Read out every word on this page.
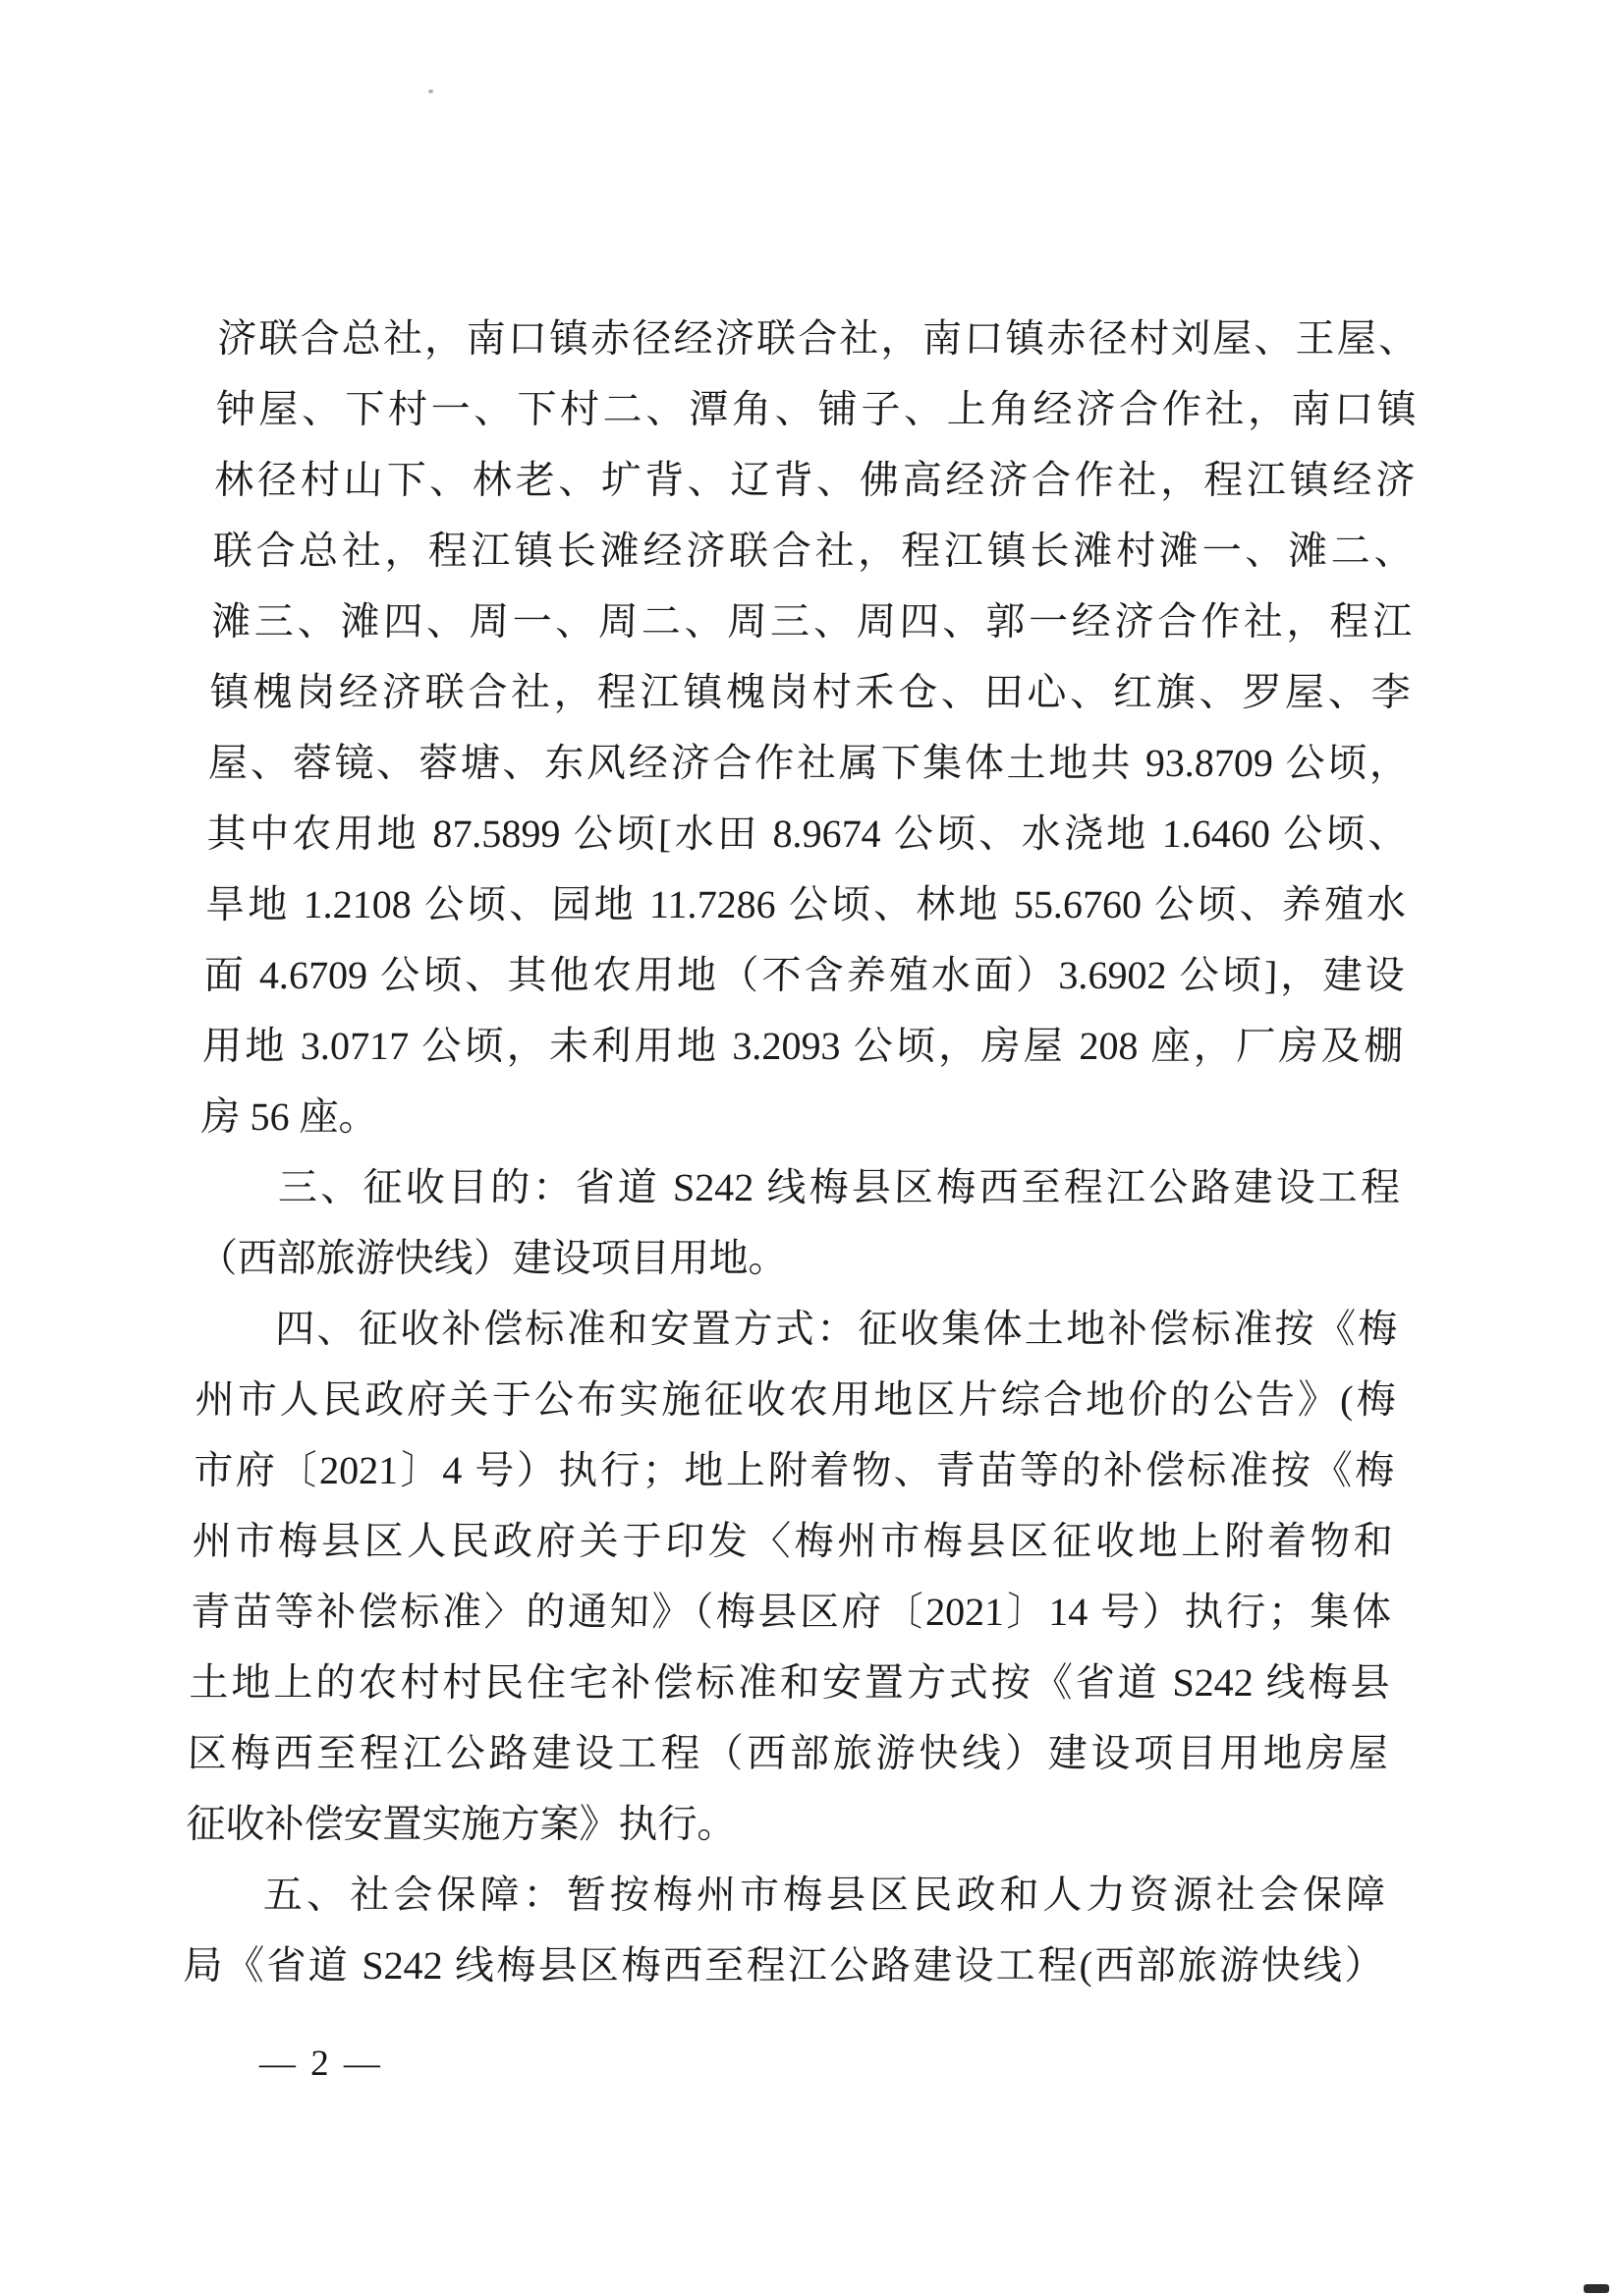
济联合总社，南口镇赤径经济联合社，南口镇赤径村刘屋、王屋、
钟屋、下村一、下村二、潭角、铺子、上角经济合作社，南口镇
林径村山下、林老、圹背、辽背、佛高经济合作社，程江镇经济
联合总社，程江镇长滩经济联合社，程江镇长滩村滩一、滩二、
滩三、滩四、周一、周二、周三、周四、郭一经济合作社，程江
镇槐岗经济联合社，程江镇槐岗村禾仓、田心、红旗、罗屋、李
屋、蓉镜、蓉塘、东风经济合作社属下集体土地共 93.8709 公顷，
其中农用地 87.5899 公顷[水田 8.9674 公顷、水浇地 1.6460 公顷、
旱地 1.2108 公顷、园地 11.7286 公顷、林地 55.6760 公顷、养殖水
面 4.6709 公顷、其他农用地（不含养殖水面）3.6902 公顷]，建设
用地 3.0717 公顷，未利用地 3.2093 公顷，房屋 208 座，厂房及棚
房 56 座。
三、征收目的：省道 S242 线梅县区梅西至程江公路建设工程
（西部旅游快线）建设项目用地。
四、征收补偿标准和安置方式：征收集体土地补偿标准按《梅
州市人民政府关于公布实施征收农用地区片综合地价的公告》(梅
市府〔2021〕4 号）执行；地上附着物、青苗等的补偿标准按《梅
州市梅县区人民政府关于印发〈梅州市梅县区征收地上附着物和
青苗等补偿标准〉的通知》（梅县区府〔2021〕14 号）执行；集体
土地上的农村村民住宅补偿标准和安置方式按《省道 S242 线梅县
区梅西至程江公路建设工程（西部旅游快线）建设项目用地房屋
征收补偿安置实施方案》执行。
五、社会保障：暂按梅州市梅县区民政和人力资源社会保障
局《省道 S242 线梅县区梅西至程江公路建设工程(西部旅游快线）
— 2 —
